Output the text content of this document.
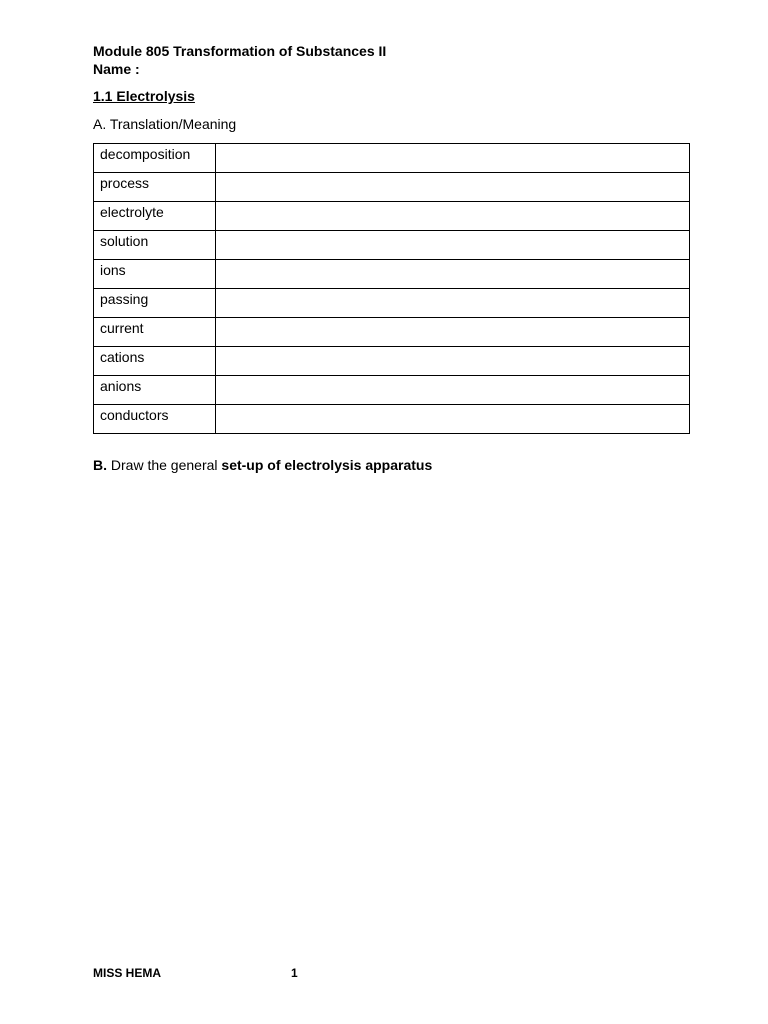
Module 805 Transformation of Substances II
Name :
1.1 Electrolysis
A. Translation/Meaning
decomposition	
process	
electrolyte	
solution	
ions	
passing	
current	
cations	
anions	
conductors	
B. Draw the general set-up of electrolysis apparatus
MISS HEMA	1
